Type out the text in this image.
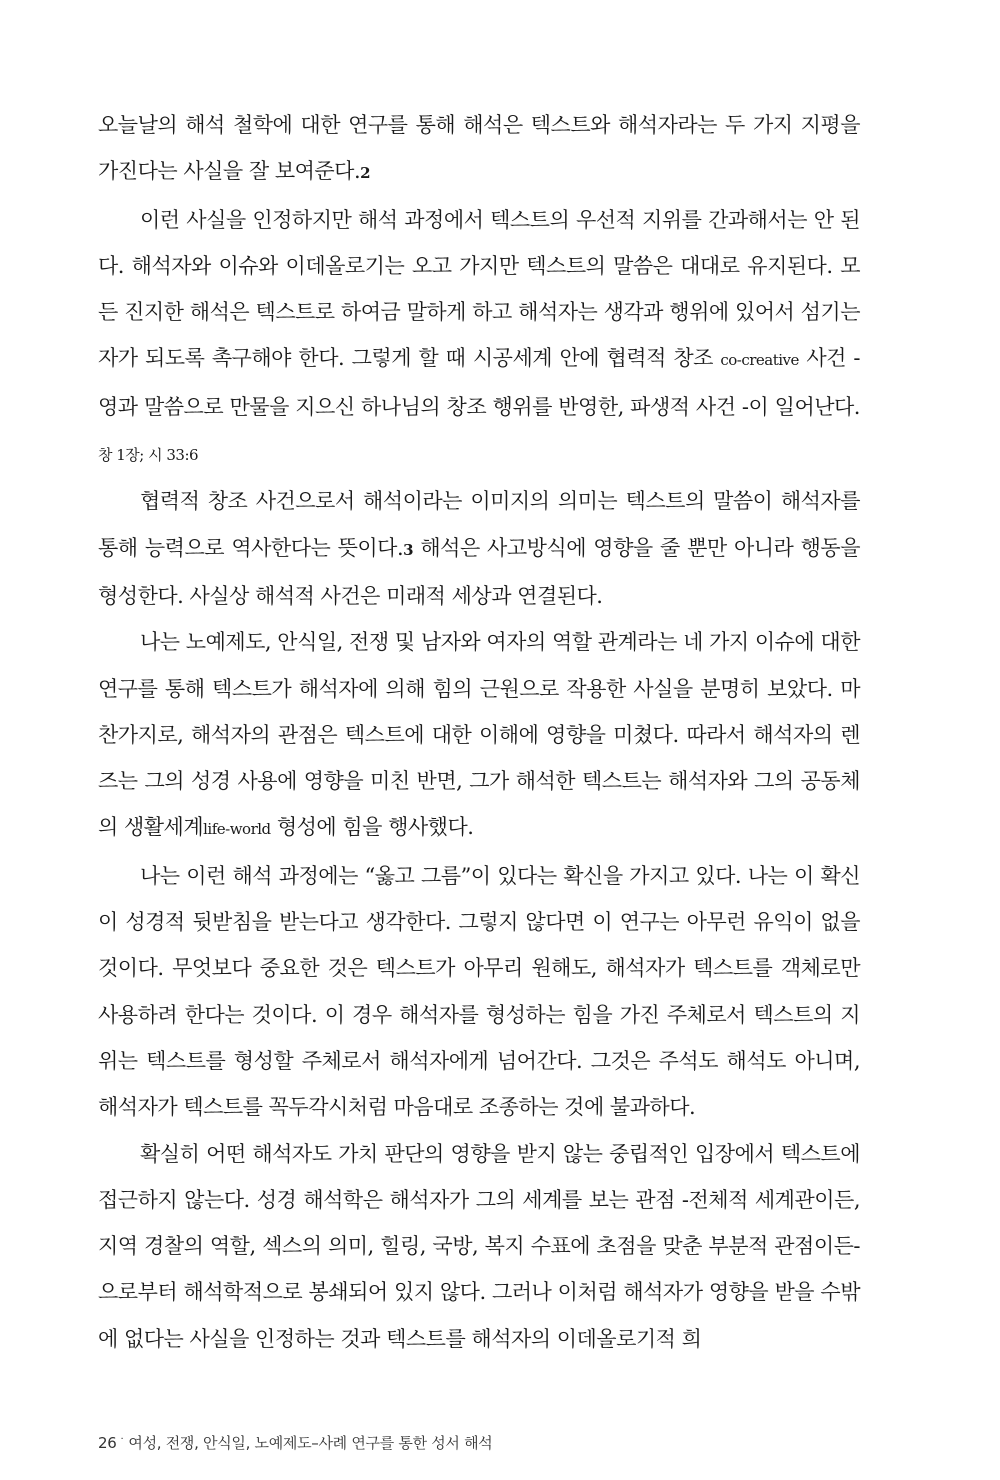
오늘날의 해석 철학에 대한 연구를 통해 해석은 텍스트와 해석자라는 두 가지 지평을 가진다는 사실을 잘 보여준다.2

이런 사실을 인정하지만 해석 과정에서 텍스트의 우선적 지위를 간과해서는 안 된다. 해석자와 이슈와 이데올로기는 오고 가지만 텍스트의 말씀은 대대로 유지된다. 모든 진지한 해석은 텍스트로 하여금 말하게 하고 해석자는 생각과 행위에 있어서 섬기는 자가 되도록 촉구해야 한다. 그렇게 할 때 시공세계 안에 협력적 창조 co-creative 사건 -영과 말씀으로 만물을 지으신 하나님의 창조 행위를 반영한, 파생적 사건 -이 일어난다.창 1장; 시 33:6

협력적 창조 사건으로서 해석이라는 이미지의 의미는 텍스트의 말씀이 해석자를 통해 능력으로 역사한다는 뜻이다.3 해석은 사고방식에 영향을 줄 뿐만 아니라 행동을 형성한다. 사실상 해석적 사건은 미래적 세상과 연결된다.

나는 노예제도, 안식일, 전쟁 및 남자와 여자의 역할 관계라는 네 가지 이슈에 대한 연구를 통해 텍스트가 해석자에 의해 힘의 근원으로 작용한 사실을 분명히 보았다. 마찬가지로, 해석자의 관점은 텍스트에 대한 이해에 영향을 미쳤다. 따라서 해석자의 렌즈는 그의 성경 사용에 영향을 미친 반면, 그가 해석한 텍스트는 해석자와 그의 공동체의 생활세계life-world 형성에 힘을 행사했다.

나는 이런 해석 과정에는 “옳고 그름”이 있다는 확신을 가지고 있다. 나는 이 확신이 성경적 뒷받침을 받는다고 생각한다. 그렇지 않다면 이 연구는 아무런 유익이 없을 것이다. 무엇보다 중요한 것은 텍스트가 아무리 원해도, 해석자가 텍스트를 객체로만 사용하려 한다는 것이다. 이 경우 해석자를 형성하는 힘을 가진 주체로서 텍스트의 지위는 텍스트를 형성할 주체로서 해석자에게 넘어간다. 그것은 주석도 해석도 아니며, 해석자가 텍스트를 꼭두각시처럼 마음대로 조종하는 것에 불과하다.

확실히 어떤 해석자도 가치 판단의 영향을 받지 않는 중립적인 입장에서 텍스트에 접근하지 않는다. 성경 해석학은 해석자가 그의 세계를 보는 관점 -전체적 세계관이든, 지역 경찰의 역할, 섹스의 의미, 힐링, 국방, 복지 수표에 초점을 맞춘 부분적 관점이든- 으로부터 해석학적으로 봉쇄되어 있지 않다. 그러나 이처럼 해석자가 영향을 받을 수밖에 없다는 사실을 인정하는 것과 텍스트를 해석자의 이데올로기적 희

26 · 여성, 전쟁, 안식일, 노예제도–사례 연구를 통한 성서 해석
